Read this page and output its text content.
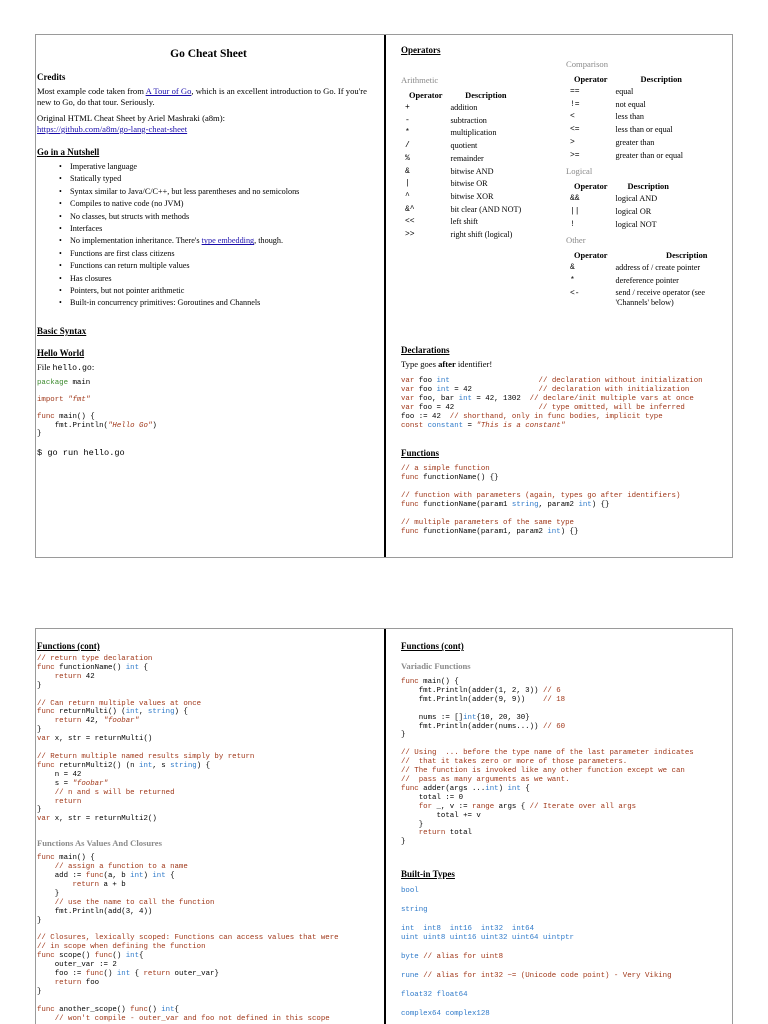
Go Cheat Sheet
Credits

Most example code taken from A Tour of Go, which is an excellent introduction to Go. If you're new to Go, do that tour. Seriously.

Original HTML Cheat Sheet by Ariel Mashraki (a8m):

https://github.com/a8m/go-lang-cheat-sheet

Go in a Nutshell
• Imperative language
• Statically typed
• Syntax similar to Java/C/C++, but less parentheses and no semicolons
• Compiles to native code (no JVM)
• No classes, but structs with methods
• Interfaces
• No implementation inheritance. There's type embedding, though.
• Functions are first class citizens
• Functions can return multiple values
• Has closures
• Pointers, but not pointer arithmetic
• Built-in concurrency primitives: Goroutines and Channels
Basic Syntax
Hello World

File hello.go:

package main
import "fmt"
func main() {
fmt.Println("Hello Go")
}
$ go run hello.go
Operators
Arithmetic
Operator	Description
+	addition
-	subtraction
*	multiplication
/	quotient
%	remainder
&	bitwise AND
|	bitwise OR
^	bitwise XOR
&^	bit clear (AND NOT)
<<	left shift
>>	right shift (logical)
Comparison
Operator	Description
==	equal
!=	not equal
<	less than
<=	less than or equal
>	greater than
>=	greater than or equal
Logical
Operator	Description
&&	logical AND
||	logical OR
!	logical NOT
Other
Operator	Description
&	address of / create pointer
*	dereference pointer
<-	send / receive operator (see 'Channels' below)
Declarations

Type goes after identifier!

var foo int	// declaration without initialization
var foo int = 42               // declaration with initialization
var foo, bar int = 42, 1302  // declare/init multiple vars at once
var foo = 42                   // type omitted, will be inferred
foo := 42  // shorthand, only in func bodies, implicit type
const constant = "This is a constant"
Functions
// a simple function
func functionName() {}

// function with parameters (again, types go after identifiers)
func functionName(param1 string, param2 int) {}

// multiple parameters of the same type
func functionName(param1, param2 int) {}
Functions (cont)
// return type declaration
func functionName() int {
return 42
}

// Can return multiple values at once
func returnMulti() (int, string) {
return 42, "foobar"
}
var x, str = returnMulti()

// Return multiple named results simply by return
func returnMulti2() (n int, s string) {
n = 42
s = "foobar"
// n and s will be returned
return
}
var x, str = returnMulti2()
Functions As Values And Closures
func main() {
// assign a function to a name
add := func(a, b int) int {
return a + b
}
// use the name to call the function
fmt.Println(add(3, 4))
}

// Closures, lexically scoped: Functions can access values that were
// in scope when defining the function
func scope() func() int{
outer_var := 2
foo := func() int { return outer_var}
return foo
}

func another_scope() func() int{
// won't compile - outer_var and foo not defined in this scope
Functions (cont)
Variadic Functions
func main() {
fmt.Println(adder(1, 2, 3)) // 6
fmt.Println(adder(9, 9))    // 18

nums := []int{10, 20, 30}
fmt.Println(adder(nums...)) // 60
}

// Using  ... before the type name of the last parameter indicates
//  that it takes zero or more of those parameters.
// The function is invoked like any other function except we can
//  pass as many arguments as we want.
func adder(args ...int) int {
total := 0
for _, v := range args { // Iterate over all args
total += v
}
return total
}
Built-in Types
bool
string
int  int8  int16  int32  int64
uint uint8 uint16 uint32 uint64 uintptr
byte // alias for uint8
rune // alias for int32 ~= (Unicode code point) - Very Viking
float32 float64
complex64 complex128
